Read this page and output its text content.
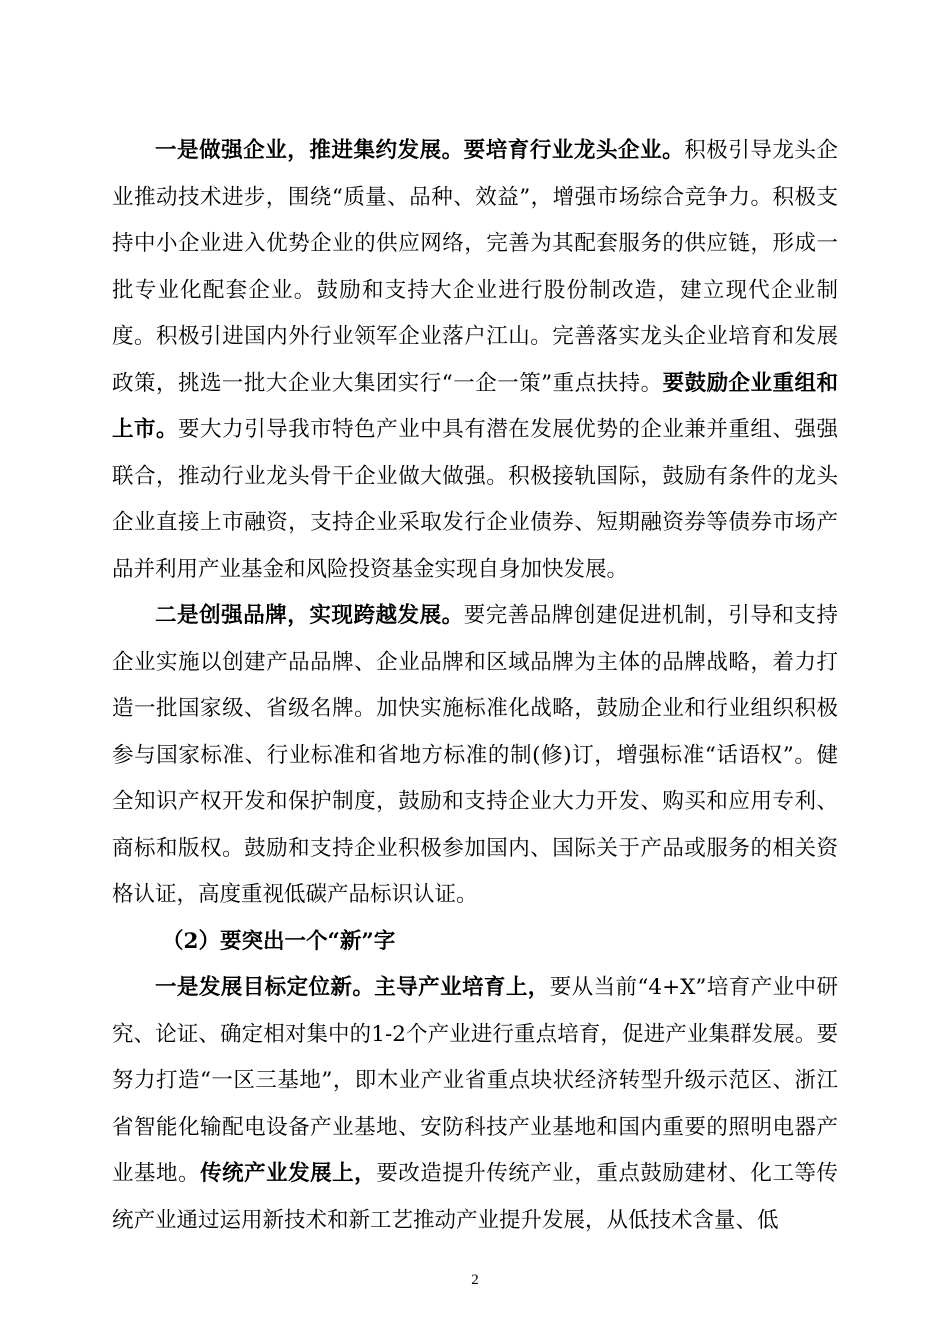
一是做强企业，推进集约发展。要培育行业龙头企业。积极引导龙头企业推动技术进步，围绕“质量、品种、效益”，增强市场综合竞争力。积极支持中小企业进入优势企业的供应网络，完善为其配套服务的供应链，形成一批专业化配套企业。鼓励和支持大企业进行股份制改造，建立现代企业制度。积极引进国内外行业领军企业落户江山。完善落实龙头企业培育和发展政策，挑选一批大企业大集团实行“一企一策”重点扶持。要鼓励企业重组和上市。要大力引导我市特色产业中具有潜在发展优势的企业兼并重组、强强联合，推动行业龙头骨干企业做大做强。积极接轨国际，鼓励有条件的龙头企业直接上市融资，支持企业采取发行企业债券、短期融资券等债券市场产品并利用产业基金和风险投资基金实现自身加快发展。

二是创强品牌，实现跨越发展。要完善品牌创建促进机制，引导和支持企业实施以创建产品品牌、企业品牌和区域品牌为主体的品牌战略，着力打造一批国家级、省级名牌。加快实施标准化战略，鼓励企业和行业组织积极参与国家标准、行业标准和省地方标准的制(修)订，增强标准“话语权”。健全知识产权开发和保护制度，鼓励和支持企业大力开发、购买和应用专利、商标和版权。鼓励和支持企业积极参加国内、国际关于产品或服务的相关资格认证，高度重视低碳产品标识认证。

（2）要突出一个“新”字

一是发展目标定位新。主导产业培育上，要从当前“4+X”培育产业中研究、论证、确定相对集中的1-2个产业进行重点培育，促进产业集群发展。要努力打造“一区三基地”，即木业产业省重点块状经济转型升级示范区、浙江省智能化输配电设备产业基地、安防科技产业基地和国内重要的照明电器产业基地。传统产业发展上，要改造提升传统产业，重点鼓励建材、化工等传统产业通过运用新技术和新工艺推动产业提升发展，从低技术含量、低

2
